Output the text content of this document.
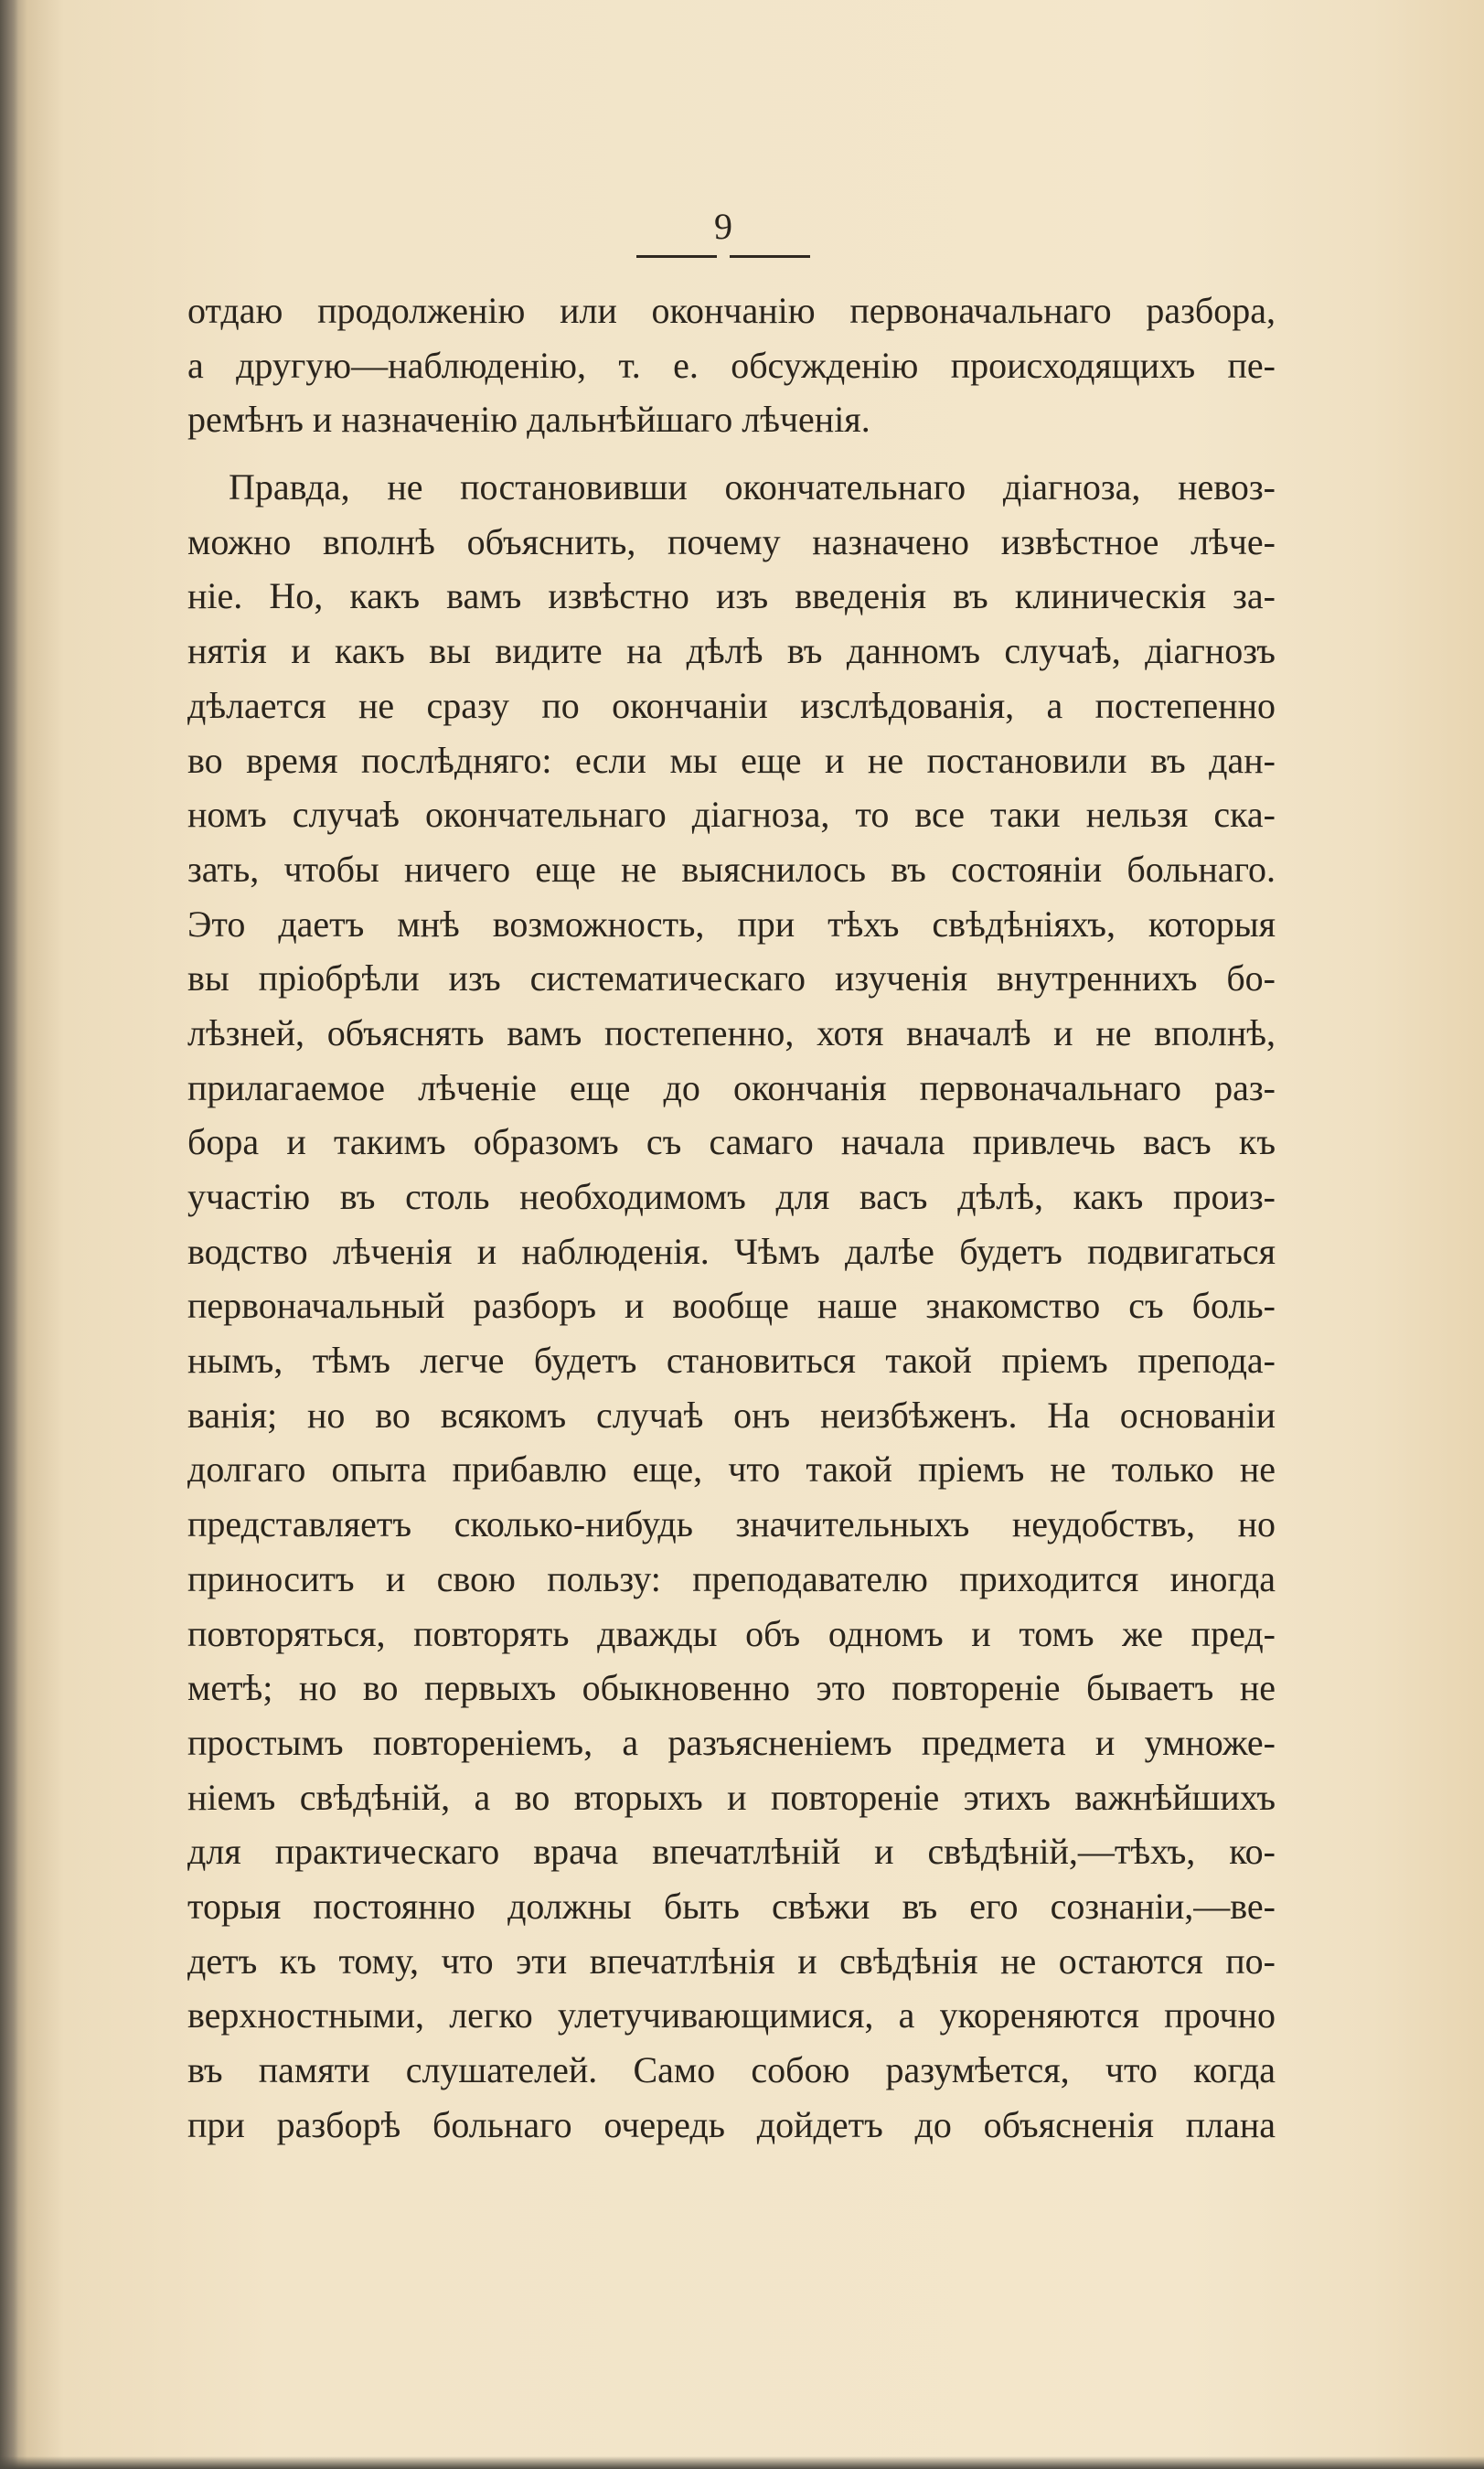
9
отдаю продолженію или окончанію первоначальнаго разбора,
а другую—наблюденію, т. е. обсужденію происходящихъ пе-
ремѣнъ и назначенію дальнѣйшаго лѣченія.
Правда, не постановивши окончательнаго діагноза, невоз-
можно вполнѣ объяснить, почему назначено извѣстное лѣче-
ніе. Но, какъ вамъ извѣстно изъ введенія въ клиническія за-
нятія и какъ вы видите на дѣлѣ въ данномъ случаѣ, діагнозъ
дѣлается не сразу по окончаніи изслѣдованія, а постепенно
во время послѣдняго: если мы еще и не постановили въ дан-
номъ случаѣ окончательнаго діагноза, то все таки нельзя ска-
зать, чтобы ничего еще не выяснилось въ состояніи больнаго.
Это даетъ мнѣ возможность, при тѣхъ свѣдѣніяхъ, которыя
вы пріобрѣли изъ систематическаго изученія внутреннихъ бо-
лѣзней, объяснять вамъ постепенно, хотя вначалѣ и не вполнѣ,
прилагаемое лѣченіе еще до окончанія первоначальнаго раз-
бора и такимъ образомъ съ самаго начала привлечь васъ къ
участію въ столь необходимомъ для васъ дѣлѣ, какъ произ-
водство лѣченія и наблюденія. Чѣмъ далѣе будетъ подвигаться
первоначальный разборъ и вообще наше знакомство съ боль-
нымъ, тѣмъ легче будетъ становиться такой пріемъ препода-
ванія; но во всякомъ случаѣ онъ неизбѣженъ. На основаніи
долгаго опыта прибавлю еще, что такой пріемъ не только не
представляетъ сколько-нибудь значительныхъ неудобствъ, но
приноситъ и свою пользу: преподавателю приходится иногда
повторяться, повторять дважды объ одномъ и томъ же пред-
метѣ; но во первыхъ обыкновенно это повтореніе бываетъ не
простымъ повтореніемъ, а разъясненіемъ предмета и умноже-
ніемъ свѣдѣній, а во вторыхъ и повтореніе этихъ важнѣйшихъ
для практическаго врача впечатлѣній и свѣдѣній,—тѣхъ, ко-
торыя постоянно должны быть свѣжи въ его сознаніи,—ве-
детъ къ тому, что эти впечатлѣнія и свѣдѣнія не остаются по-
верхностными, легко улетучивающимися, а укореняются прочно
въ памяти слушателей. Само собою разумѣется, что когда
при разборѣ больнаго очередь дойдетъ до объясненія плана
